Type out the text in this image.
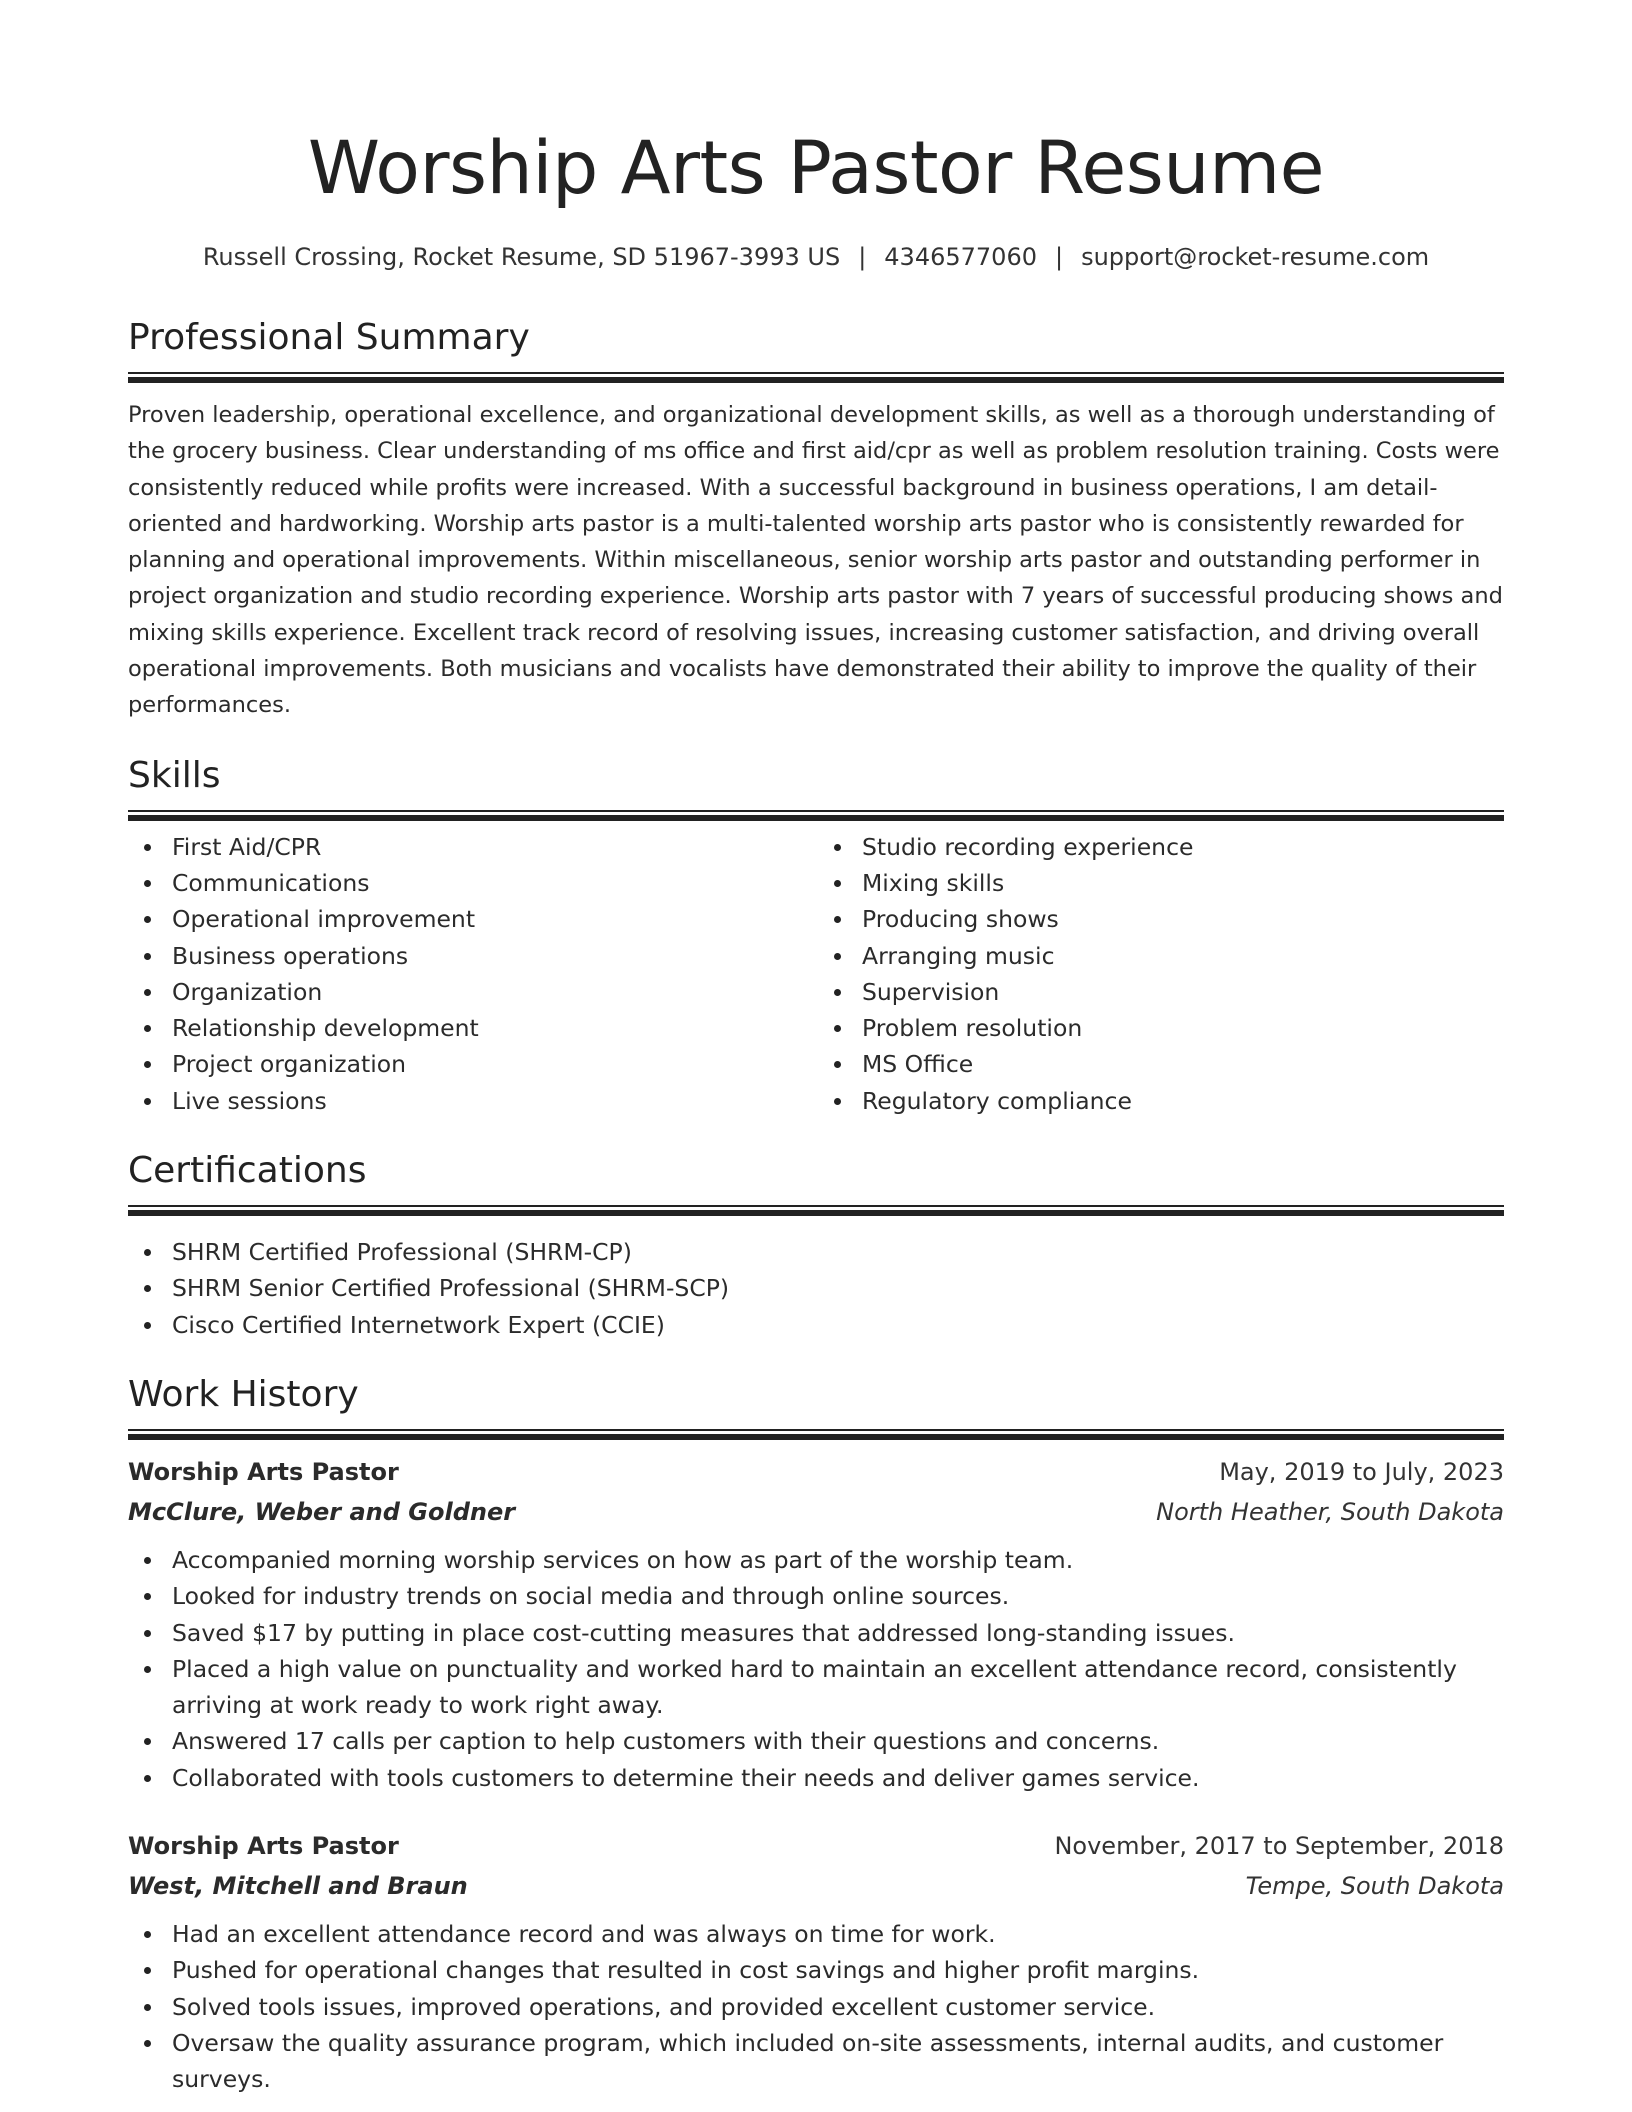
Worship Arts Pastor Resume
Russell Crossing, Rocket Resume, SD 51967-3993 US | 4346577060 | support@rocket-resume.com
Professional Summary

Proven leadership, operational excellence, and organizational development skills, as well as a thorough understanding of the grocery business. Clear understanding of ms office and first aid/cpr as well as problem resolution training. Costs were consistently reduced while profits were increased. With a successful background in business operations, I am detail-oriented and hardworking. Worship arts pastor is a multi-talented worship arts pastor who is consistently rewarded for planning and operational improvements. Within miscellaneous, senior worship arts pastor and outstanding performer in project organization and studio recording experience. Worship arts pastor with 7 years of successful producing shows and mixing skills experience. Excellent track record of resolving issues, increasing customer satisfaction, and driving overall operational improvements. Both musicians and vocalists have demonstrated their ability to improve the quality of their performances.

Skills
First Aid/CPR
Communications
Operational improvement
Business operations
Organization
Relationship development
Project organization
Live sessions
Studio recording experience
Mixing skills
Producing shows
Arranging music
Supervision
Problem resolution
MS Office
Regulatory compliance
Certifications
SHRM Certified Professional (SHRM-CP)
SHRM Senior Certified Professional (SHRM-SCP)
Cisco Certified Internetwork Expert (CCIE)
Work History
Worship Arts Pastor	May, 2019 to July, 2023
McClure, Weber and Goldner	North Heather, South Dakota
Accompanied morning worship services on how as part of the worship team.
Looked for industry trends on social media and through online sources.
Saved $17 by putting in place cost-cutting measures that addressed long-standing issues.
Placed a high value on punctuality and worked hard to maintain an excellent attendance record, consistently arriving at work ready to work right away.
Answered 17 calls per caption to help customers with their questions and concerns.
Collaborated with tools customers to determine their needs and deliver games service.
Worship Arts Pastor	November, 2017 to September, 2018
West, Mitchell and Braun	Tempe, South Dakota
Had an excellent attendance record and was always on time for work.
Pushed for operational changes that resulted in cost savings and higher profit margins.
Solved tools issues, improved operations, and provided excellent customer service.
Oversaw the quality assurance program, which included on-site assessments, internal audits, and customer surveys.
